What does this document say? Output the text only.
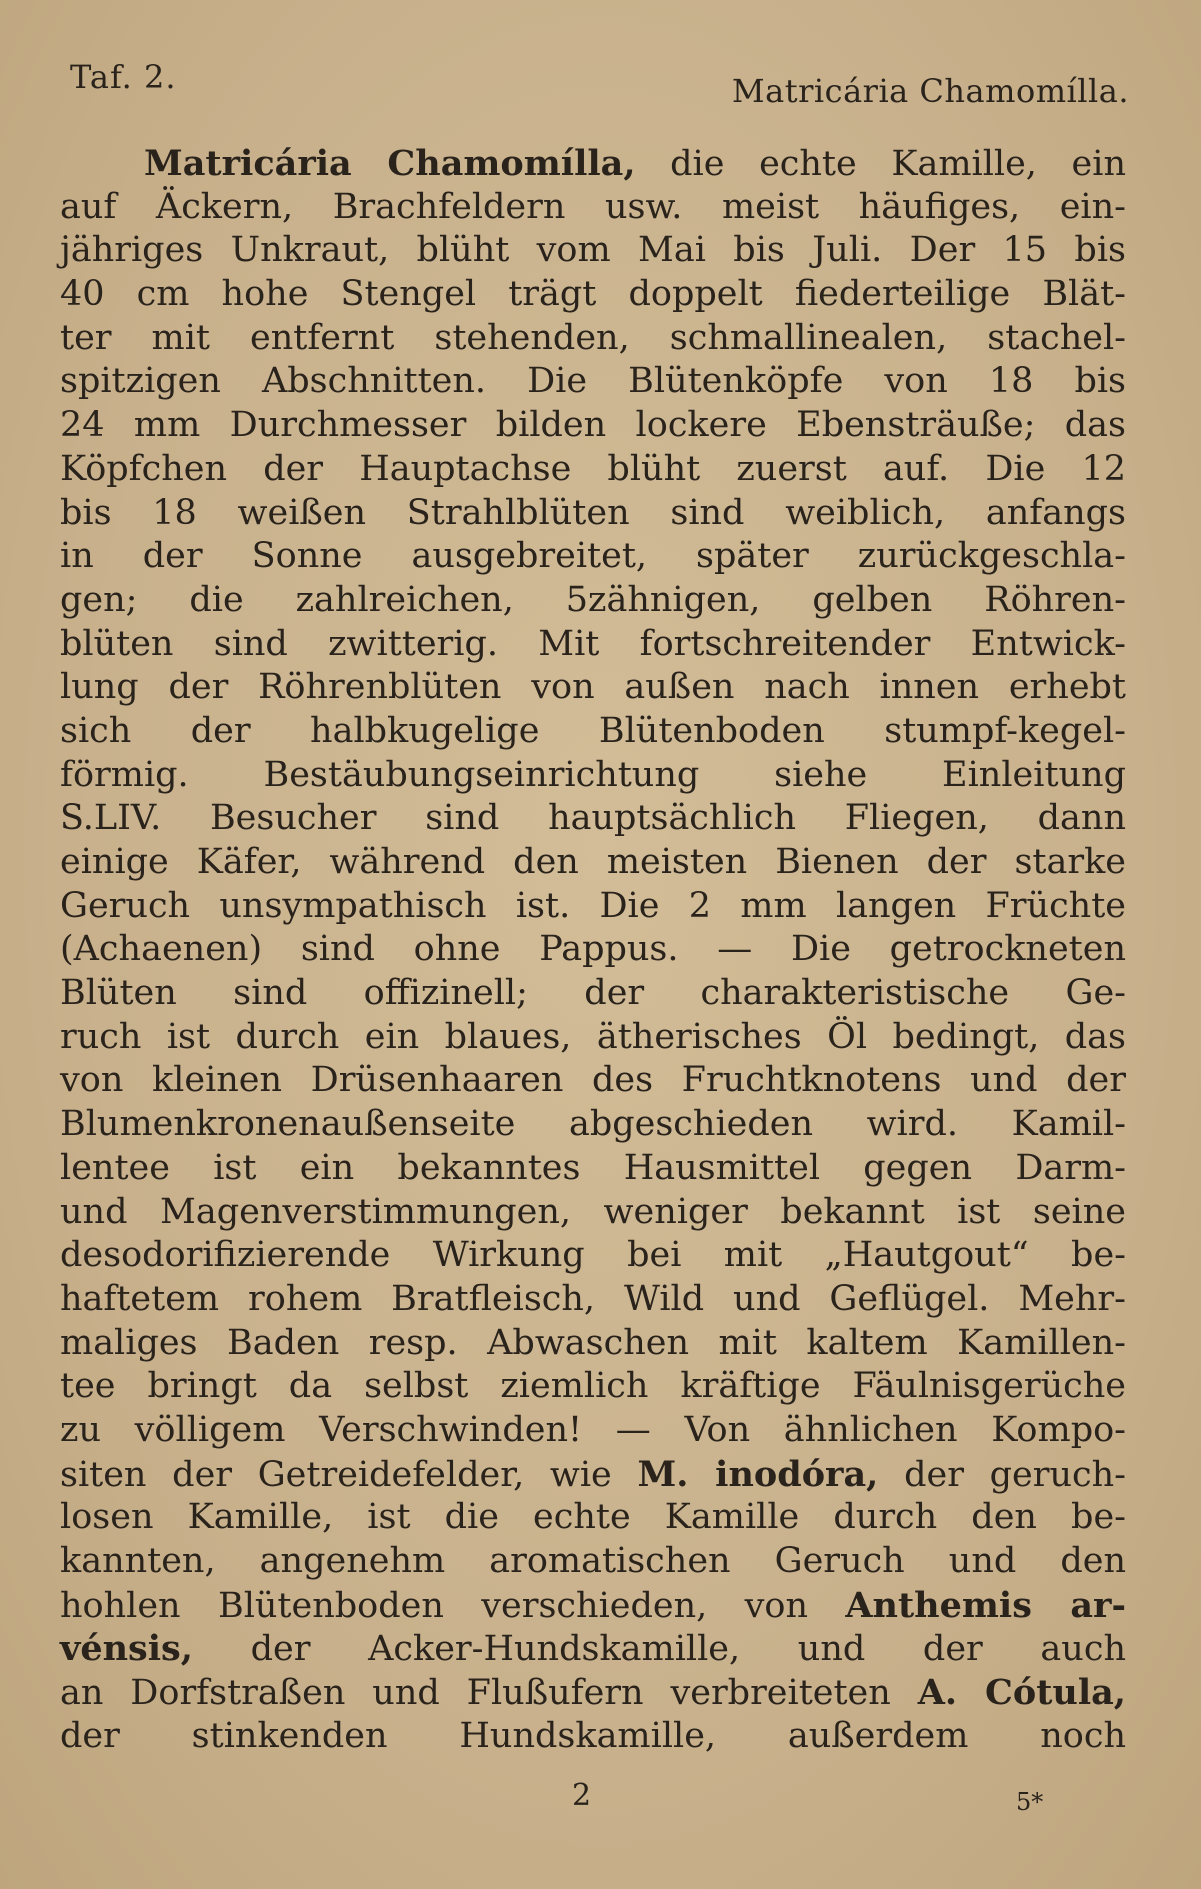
Taf. 2.	Matricária Chamomílla.
Matricária Chamomílla, die echte Kamille, ein
auf Äckern, Brachfeldern usw. meist häufiges, ein-
jähriges Unkraut, blüht vom Mai bis Juli. Der 15 bis
40 cm hohe Stengel trägt doppelt fiederteilige Blät-
ter mit entfernt stehenden, schmallinealen, stachel-
spitzigen Abschnitten. Die Blütenköpfe von 18 bis
24 mm Durchmesser bilden lockere Ebensträuße; das
Köpfchen der Hauptachse blüht zuerst auf. Die 12
bis 18 weißen Strahlblüten sind weiblich, anfangs
in der Sonne ausgebreitet, später zurückgeschla-
gen; die zahlreichen, 5zähnigen, gelben Röhren-
blüten sind zwitterig. Mit fortschreitender Entwick-
lung der Röhrenblüten von außen nach innen erhebt
sich der halbkugelige Blütenboden stumpf-kegel-
förmig. Bestäubungseinrichtung siehe Einleitung
S.LIV. Besucher sind hauptsächlich Fliegen, dann
einige Käfer, während den meisten Bienen der starke
Geruch unsympathisch ist. Die 2 mm langen Früchte
(Achaenen) sind ohne Pappus. — Die getrockneten
Blüten sind offizinell; der charakteristische Ge-
ruch ist durch ein blaues, ätherisches Öl bedingt, das
von kleinen Drüsenhaaren des Fruchtknotens und der
Blumenkronenaußenseite abgeschieden wird. Kamil-
lentee ist ein bekanntes Hausmittel gegen Darm-
und Magenverstimmungen, weniger bekannt ist seine
desodorifizierende Wirkung bei mit „Hautgout“ be-
haftetem rohem Bratfleisch, Wild und Geflügel. Mehr-
maliges Baden resp. Abwaschen mit kaltem Kamillen-
tee bringt da selbst ziemlich kräftige Fäulnisgerüche
zu völligem Verschwinden! — Von ähnlichen Kompo-
siten der Getreidefelder, wie M. inodóra, der geruch-
losen Kamille, ist die echte Kamille durch den be-
kannten, angenehm aromatischen Geruch und den
hohlen Blütenboden verschieden, von Anthemis ar-
vénsis, der Acker-Hundskamille, und der auch
an Dorfstraßen und Flußufern verbreiteten A. Cótula,
der stinkenden Hundskamille, außerdem noch
2	5*
